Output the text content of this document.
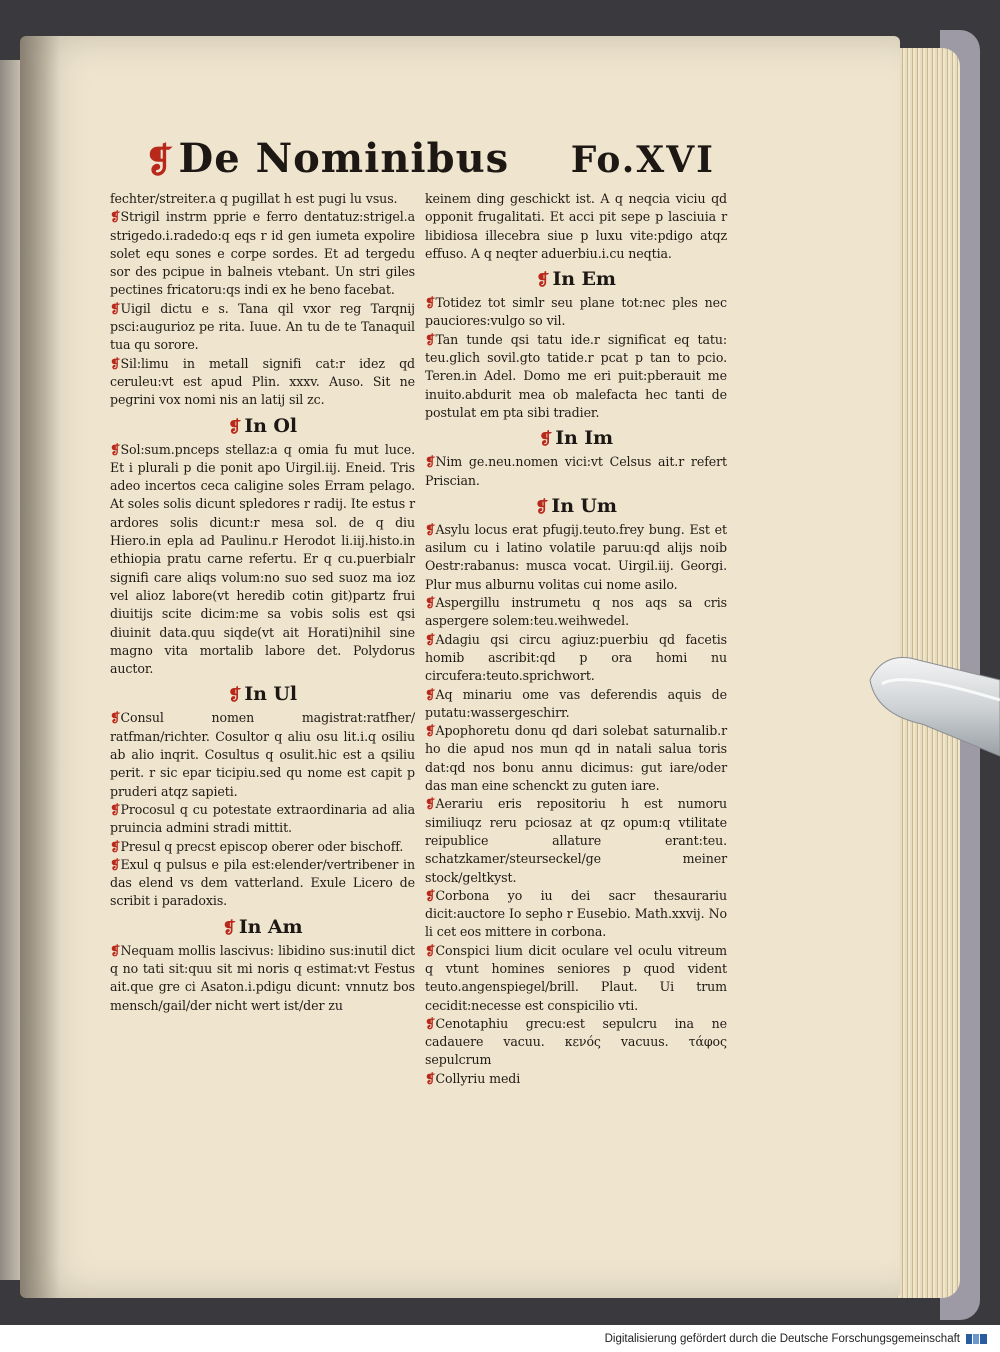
❡ De Nominibus Fo.XVI

fechter/streiter.a q pugillat h est pugi lu vsus.

❡Strigil instrm pprie e ferro dentatuz:strigel.a strigedo.i.radedo:q eqs r id gen iumeta expolire solet equ sones e corpe sordes. Et ad tergedu sor des pcipue in balneis vtebant. Un stri giles pectines fricatoru:qs indi ex he beno facebat.

❡Uigil dictu e s. Tana qil vxor reg Tarqnij psci:augurioz pe rita. Iuue. An tu de te Tanaquil tua qu sorore.

❡Sil:limu in metall signifi cat:r idez qd ceruleu:vt est apud Plin. xxxv. Auso. Sit ne pegrini vox nomi nis an latij sil zc.

❡ In Ol

❡Sol:sum.pnceps stellaz:a q omia fu mut luce. Et i plurali p die ponit apo Uirgil.iij. Eneid. Tris adeo incertos ceca caligine soles Erram pelago. At soles solis dicunt spledores r radij. Ite estus r ardores solis dicunt:r mesa sol. de q diu Hiero.in epla ad Paulinu.r Herodot li.iij.histo.in ethiopia pratu carne refertu. Er q cu.puerbialr signifi care aliqs volum:no suo sed suoz ma ioz vel alioz labore(vt heredib cotin git)partz frui diuitijs scite dicim:me sa vobis solis est qsi diuinit data.quu siqde(vt ait Horati)nihil sine magno vita mortalib labore det. Polydorus auctor.

❡ In Ul

❡Consul nomen magistrat:ratfher/ ratfman/richter. Cosultor q aliu osu lit.i.q osiliu ab alio inqrit. Cosultus q osulit.hic est a qsiliu perit. r sic epar ticipiu.sed qu nome est capit p pruderi atqz sapieti.

❡Procosul q cu potestate extraordinaria ad alia pruincia admini stradi mittit.

❡Presul q precst episcop oberer oder bischoff.

❡Exul q pulsus e pila est:elender/vertribener in das elend vs dem vatterland. Exule Licero de scribit i paradoxis.

❡ In Am

❡Nequam mollis lascivus: libidino sus:inutil dict q no tati sit:quu sit mi noris q estimat:vt Festus ait.que gre ci Asaton.i.pdigu dicunt: vnnutz bos mensch/gail/der nicht wert ist/der zu

keinem ding geschickt ist. A q neqcia viciu qd opponit frugalitati. Et acci pit sepe p lasciuia r libidiosa illecebra siue p luxu vite:pdigo atqz effuso. A q neqter aduerbiu.i.cu neqtia.

❡ In Em

❡Totidez tot simlr seu plane tot:nec ples nec pauciores:vulgo so vil.

❡Tan tunde qsi tatu ide.r significat eq tatu: teu.glich sovil.gto tatide.r pcat p tan to pcio. Teren.in Adel. Domo me eri puit:pberauit me inuito.abdurit mea ob malefacta hec tanti de postulat em pta sibi tradier.

❡ In Im

❡Nim ge.neu.nomen vici:vt Celsus ait.r refert Priscian.

❡ In Um

❡Asylu locus erat pfugij.teuto.frey bung. Est et asilum cu i latino volatile paruu:qd alijs noib Oestr:rabanus: musca vocat. Uirgil.iij. Georgi. Plur mus alburnu volitas cui nome asilo.

❡Aspergillu instrumetu q nos aqs sa cris aspergere solem:teu.weihwedel.

❡Adagiu qsi circu agiuz:puerbiu qd facetis homib ascribit:qd p ora homi nu circufera:teuto.sprichwort.

❡Aq minariu ome vas deferendis aquis de putatu:wassergeschirr.

❡Apophoretu donu qd dari solebat saturnalib.r ho die apud nos mun qd in natali salua toris dat:qd nos bonu annu dicimus: gut iare/oder das man eine schenckt zu guten iare.

❡Aerariu eris repositoriu h est numoru similiuqz reru pciosaz at qz opum:q vtilitate reipublice allature erant:teu. schatzkamer/steurseckel/ge meiner stock/geltkyst.

❡Corbona yo iu dei sacr thesaurariu dicit:auctore Io sepho r Eusebio. Math.xxvij. No li cet eos mittere in corbona.

❡Conspici lium dicit oculare vel oculu vitreum q vtunt homines seniores p quod vident teuto.angenspiegel/brill. Plaut. Ui trum cecidit:necesse est conspicilio vti.

❡Cenotaphiu grecu:est sepulcru ina ne cadauere vacuu. κενός vacuus. τάφος sepulcrum

❡Collyriu medi

Digitalisierung gefördert durch die Deutsche Forschungsgemeinschaft
